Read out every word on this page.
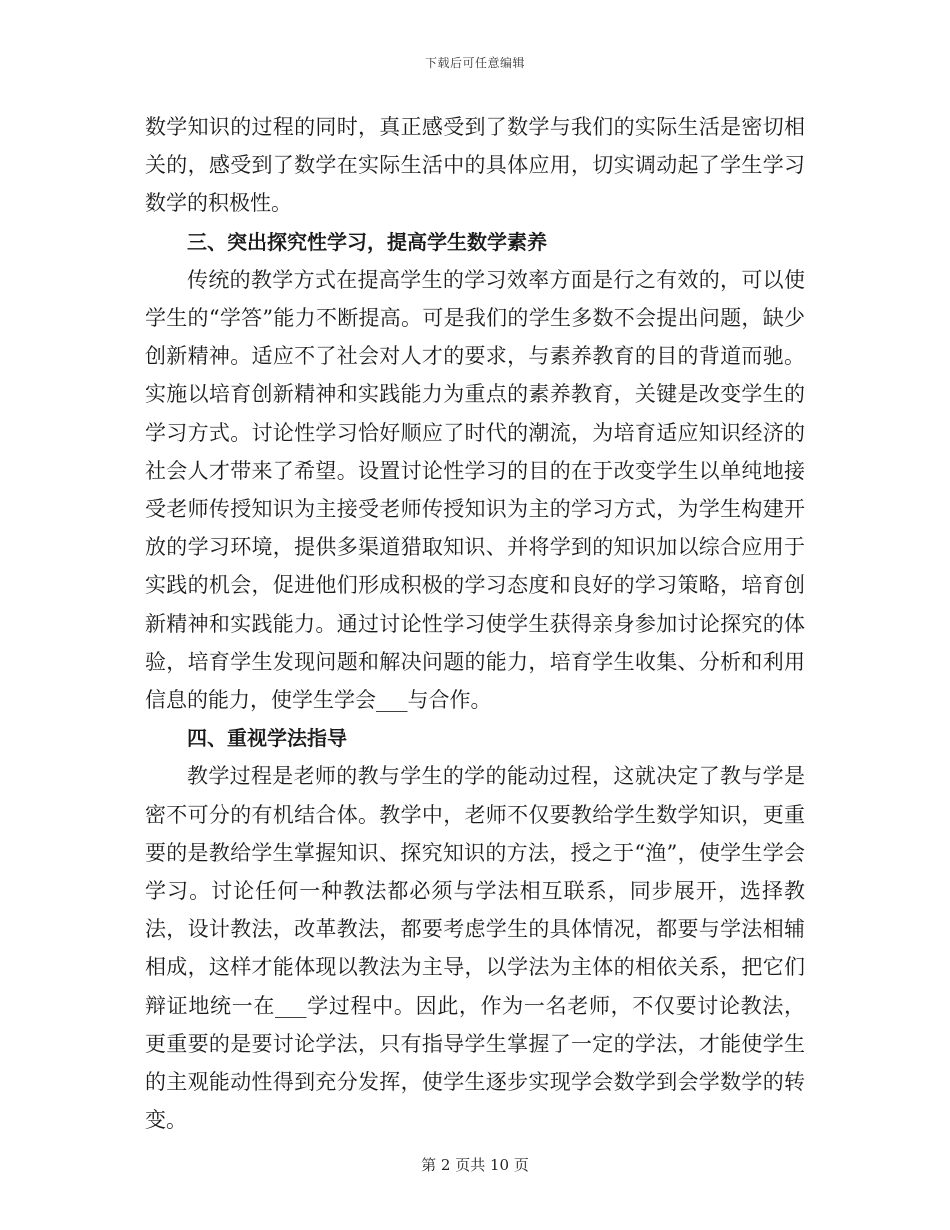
下载后可任意编辑

数学知识的过程的同时，真正感受到了数学与我们的实际生活是密切相关的，感受到了数学在实际生活中的具体应用，切实调动起了学生学习数学的积极性。

三、突出探究性学习，提高学生数学素养

传统的教学方式在提高学生的学习效率方面是行之有效的，可以使学生的“学答”能力不断提高。可是我们的学生多数不会提出问题，缺少创新精神。适应不了社会对人才的要求，与素养教育的目的背道而驰。实施以培育创新精神和实践能力为重点的素养教育，关键是改变学生的学习方式。讨论性学习恰好顺应了时代的潮流，为培育适应知识经济的社会人才带来了希望。设置讨论性学习的目的在于改变学生以单纯地接受老师传授知识为主接受老师传授知识为主的学习方式，为学生构建开放的学习环境，提供多渠道猎取知识、并将学到的知识加以综合应用于实践的机会，促进他们形成积极的学习态度和良好的学习策略，培育创新精神和实践能力。通过讨论性学习使学生获得亲身参加讨论探究的体验，培育学生发现问题和解决问题的能力，培育学生收集、分析和利用信息的能力，使学生学会___与合作。

四、重视学法指导

教学过程是老师的教与学生的学的能动过程，这就决定了教与学是密不可分的有机结合体。教学中，老师不仅要教给学生数学知识，更重要的是教给学生掌握知识、探究知识的方法，授之于“渔”，使学生学会学习。讨论任何一种教法都必须与学法相互联系，同步展开，选择教法，设计教法，改革教法，都要考虑学生的具体情况，都要与学法相辅相成，这样才能体现以教法为主导，以学法为主体的相依关系，把它们辩证地统一在___学过程中。因此，作为一名老师，不仅要讨论教法，更重要的是要讨论学法，只有指导学生掌握了一定的学法，才能使学生的主观能动性得到充分发挥，使学生逐步实现学会数学到会学数学的转变。

第 2 页共 10 页
